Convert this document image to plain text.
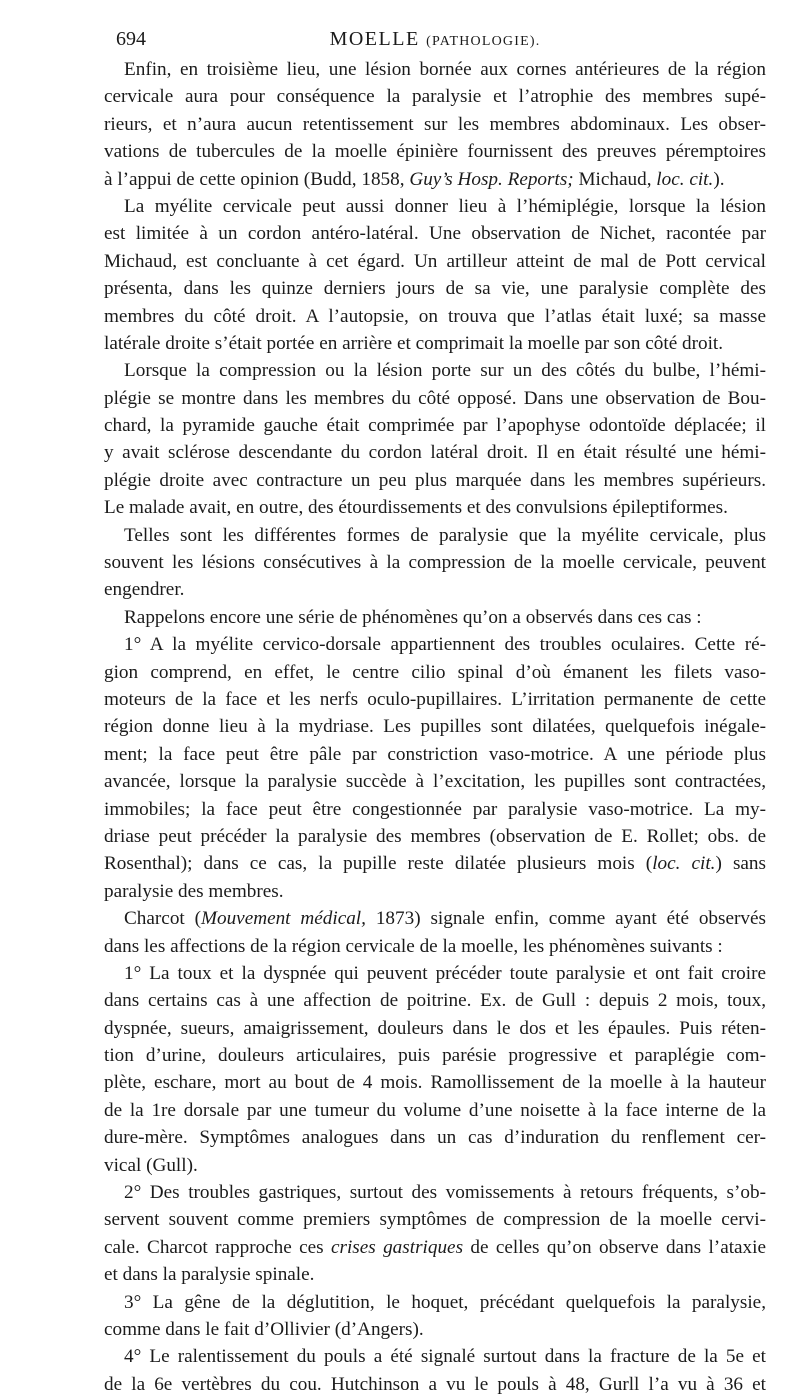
694	MOELLE (PATHOLOGIE).
Enfin, en troisième lieu, une lésion bornée aux cornes antérieures de la région
cervicale aura pour conséquence la paralysie et l’atrophie des membres supé-
rieurs, et n’aura aucun retentissement sur les membres abdominaux. Les obser-
vations de tubercules de la moelle épinière fournissent des preuves péremptoires
à l’appui de cette opinion (Budd, 1858, Guy’s Hosp. Reports; Michaud, loc. cit.).
La myélite cervicale peut aussi donner lieu à l’hémiplégie, lorsque la lésion
est limitée à un cordon antéro-latéral. Une observation de Nichet, racontée par
Michaud, est concluante à cet égard. Un artilleur atteint de mal de Pott cervical
présenta, dans les quinze derniers jours de sa vie, une paralysie complète des
membres du côté droit. A l’autopsie, on trouva que l’atlas était luxé; sa masse
latérale droite s’était portée en arrière et comprimait la moelle par son côté droit.
Lorsque la compression ou la lésion porte sur un des côtés du bulbe, l’hémi-
plégie se montre dans les membres du côté opposé. Dans une observation de Bou-
chard, la pyramide gauche était comprimée par l’apophyse odontoïde déplacée; il
y avait sclérose descendante du cordon latéral droit. Il en était résulté une hémi-
plégie droite avec contracture un peu plus marquée dans les membres supérieurs.
Le malade avait, en outre, des étourdissements et des convulsions épileptiformes.
Telles sont les différentes formes de paralysie que la myélite cervicale, plus
souvent les lésions consécutives à la compression de la moelle cervicale, peuvent
engendrer.
Rappelons encore une série de phénomènes qu’on a observés dans ces cas :
1° A la myélite cervico-dorsale appartiennent des troubles oculaires. Cette ré-
gion comprend, en effet, le centre cilio spinal d’où émanent les filets vaso-
moteurs de la face et les nerfs oculo-pupillaires. L’irritation permanente de cette
région donne lieu à la mydriase. Les pupilles sont dilatées, quelquefois inégale-
ment; la face peut être pâle par constriction vaso-motrice. A une période plus
avancée, lorsque la paralysie succède à l’excitation, les pupilles sont contractées,
immobiles; la face peut être congestionnée par paralysie vaso-motrice. La my-
driase peut précéder la paralysie des membres (observation de E. Rollet; obs. de
Rosenthal); dans ce cas, la pupille reste dilatée plusieurs mois (loc. cit.) sans
paralysie des membres.
Charcot (Mouvement médical, 1873) signale enfin, comme ayant été observés
dans les affections de la région cervicale de la moelle, les phénomènes suivants :
1° La toux et la dyspnée qui peuvent précéder toute paralysie et ont fait croire
dans certains cas à une affection de poitrine. Ex. de Gull : depuis 2 mois, toux,
dyspnée, sueurs, amaigrissement, douleurs dans le dos et les épaules. Puis réten-
tion d’urine, douleurs articulaires, puis parésie progressive et paraplégie com-
plète, eschare, mort au bout de 4 mois. Ramollissement de la moelle à la hauteur
de la 1re dorsale par une tumeur du volume d’une noisette à la face interne de la
dure-mère. Symptômes analogues dans un cas d’induration du renflement cer-
vical (Gull).
2° Des troubles gastriques, surtout des vomissements à retours fréquents, s’ob-
servent souvent comme premiers symptômes de compression de la moelle cervi-
cale. Charcot rapproche ces crises gastriques de celles qu’on observe dans l’ataxie
et dans la paralysie spinale.
3° La gêne de la déglutition, le hoquet, précédant quelquefois la paralysie,
comme dans le fait d’Ollivier (d’Angers).
4° Le ralentissement du pouls a été signalé surtout dans la fracture de la 5e et
de la 6e vertèbres du cou. Hutchinson a vu le pouls à 48, Gurll l’a vu à 36 et
